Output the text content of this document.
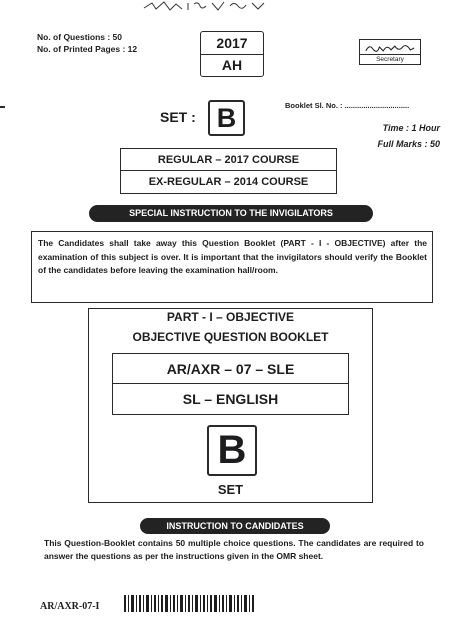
No. of Questions : 50
No. of Printed Pages : 12	2017
AH	Secretary
SET : B	Booklet Sl. No. : ...............................
Time : 1 Hour
Full Marks : 50
REGULAR – 2017 COURSE
EX-REGULAR – 2014 COURSE
SPECIAL INSTRUCTION TO THE INVIGILATORS

The Candidates shall take away this Question Booklet (PART - I - OBJECTIVE) after the examination of this subject is over. It is important that the invigilators should verify the Booklet of the candidates before leaving the examination hall/room.

PART - I – OBJECTIVE
OBJECTIVE QUESTION BOOKLET
AR/AXR – 07 – SLE
SL – ENGLISH
B
SET
INSTRUCTION TO CANDIDATES
This Question-Booklet contains 50 multiple choice questions. The candidates are required to answer the questions as per the instructions given in the OMR sheet.
AR/AXR-07-I
